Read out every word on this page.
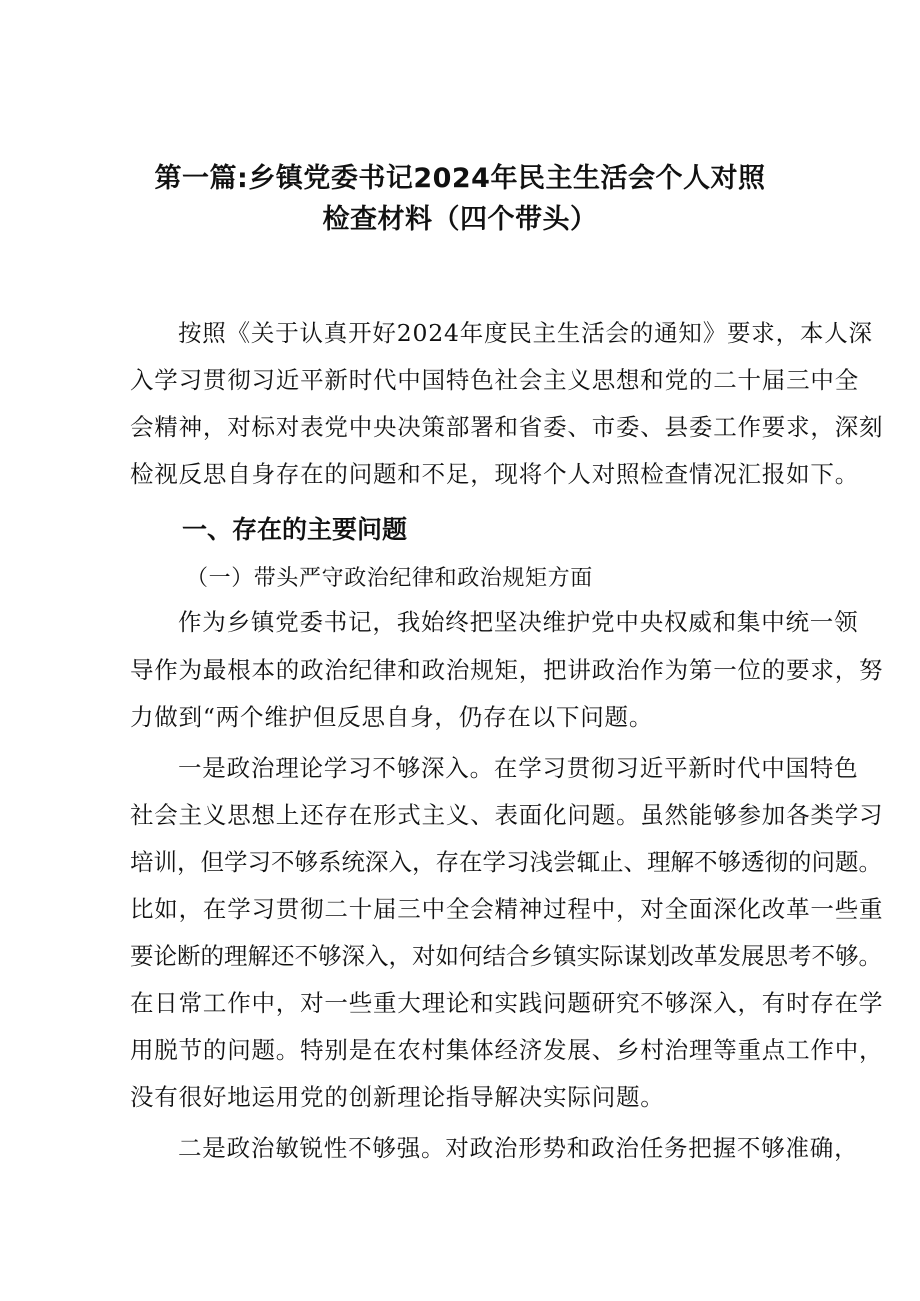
第一篇:乡镇党委书记2024年民主生活会个人对照
检查材料（四个带头）
按照《关于认真开好2024年度民主生活会的通知》要求，本人深
入学习贯彻习近平新时代中国特色社会主义思想和党的二十届三中全
会精神，对标对表党中央决策部署和省委、市委、县委工作要求，深刻
检视反思自身存在的问题和不足，现将个人对照检查情况汇报如下。
一、存在的主要问题
（一）带头严守政治纪律和政治规矩方面
作为乡镇党委书记，我始终把坚决维护党中央权威和集中统一领
导作为最根本的政治纪律和政治规矩，把讲政治作为第一位的要求，努
力做到“两个维护但反思自身，仍存在以下问题。
一是政治理论学习不够深入。在学习贯彻习近平新时代中国特色
社会主义思想上还存在形式主义、表面化问题。虽然能够参加各类学习
培训，但学习不够系统深入，存在学习浅尝辄止、理解不够透彻的问题。
比如，在学习贯彻二十届三中全会精神过程中，对全面深化改革一些重
要论断的理解还不够深入，对如何结合乡镇实际谋划改革发展思考不够。
在日常工作中，对一些重大理论和实践问题研究不够深入，有时存在学
用脱节的问题。特别是在农村集体经济发展、乡村治理等重点工作中，
没有很好地运用党的创新理论指导解决实际问题。
二是政治敏锐性不够强。对政治形势和政治任务把握不够准确，
